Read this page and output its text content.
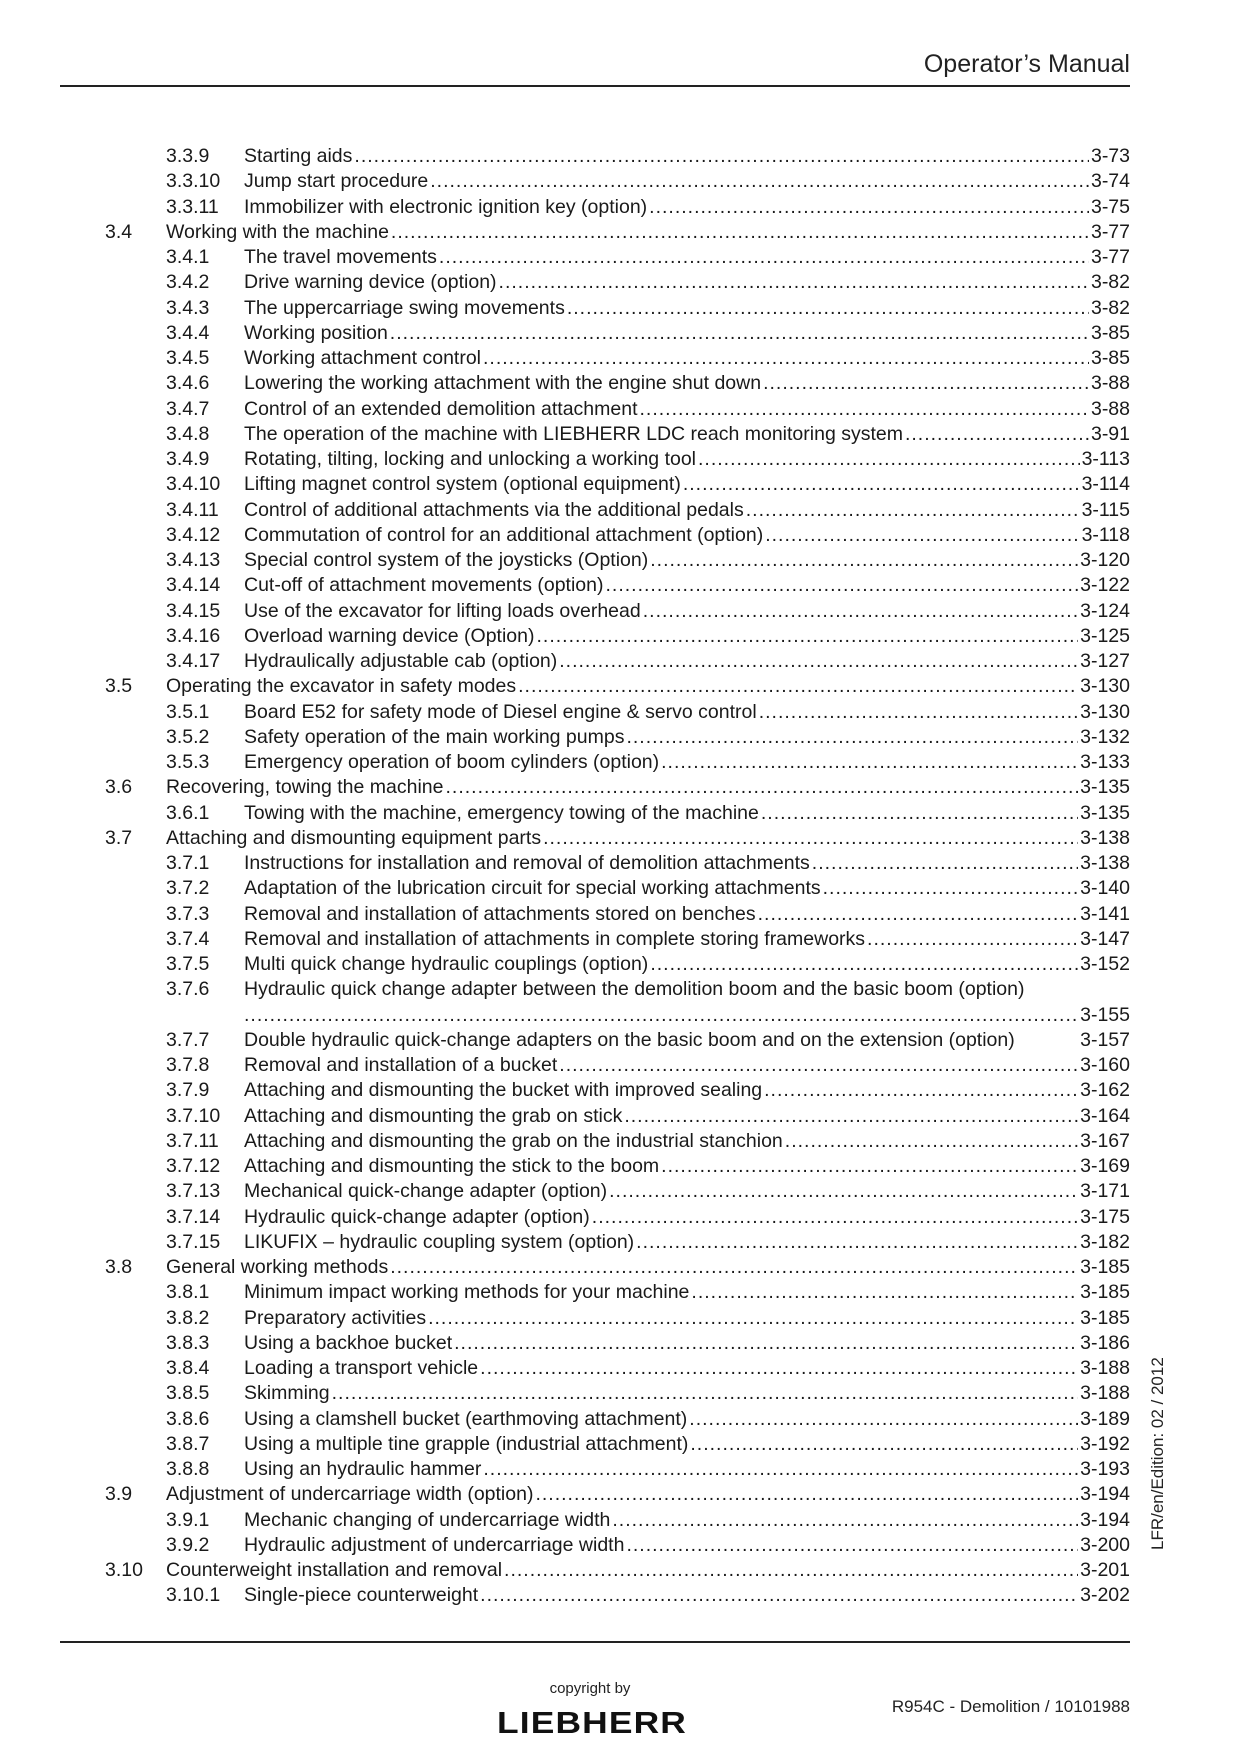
Operator’s Manual
3.3.9 Starting aids .....	3-73
3.3.10 Jump start procedure .....	3-74
3.3.11 Immobilizer with electronic ignition key (option) .....	3-75
3.4 Working with the machine .....	3-77
3.4.1 The travel movements .....	3-77
3.4.2 Drive warning device (option) .....	3-82
3.4.3 The uppercarriage swing movements .....	3-82
3.4.4 Working position .....	3-85
3.4.5 Working attachment control .....	3-85
3.4.6 Lowering the working attachment with the engine shut down .....	3-88
3.4.7 Control of an extended demolition attachment .....	3-88
3.4.8 The operation of the machine with LIEBHERR LDC reach monitoring system .....	3-91
3.4.9 Rotating, tilting, locking and unlocking a working tool .....	3-113
3.4.10 Lifting magnet control system (optional equipment) .....	3-114
3.4.11 Control of additional attachments via the additional pedals .....	3-115
3.4.12 Commutation of control for an additional attachment (option) .....	3-118
3.4.13 Special control system of the joysticks (Option) .....	3-120
3.4.14 Cut-off of attachment movements (option) .....	3-122
3.4.15 Use of the excavator for lifting loads overhead .....	3-124
3.4.16 Overload warning device (Option) .....	3-125
3.4.17 Hydraulically adjustable cab (option) .....	3-127
3.5 Operating the excavator in safety modes .....	3-130
3.5.1 Board E52 for safety mode of Diesel engine & servo control .....	3-130
3.5.2 Safety operation of the main working pumps .....	3-132
3.5.3 Emergency operation of boom cylinders (option) .....	3-133
3.6 Recovering, towing the machine .....	3-135
3.6.1 Towing with the machine, emergency towing of the machine .....	3-135
3.7 Attaching and dismounting equipment parts .....	3-138
3.7.1 Instructions for installation and removal of demolition attachments .....	3-138
3.7.2 Adaptation of the lubrication circuit for special working attachments .....	3-140
3.7.3 Removal and installation of attachments stored on benches .....	3-141
3.7.4 Removal and installation of attachments in complete storing frameworks .....	3-147
3.7.5 Multi quick change hydraulic couplings (option) .....	3-152
3.7.6 Hydraulic quick change adapter between the demolition boom and the basic boom (option)
.....
3-155
3.7.7 Double hydraulic quick-change adapters on the basic boom and on the extension (option)	3-157
3.7.8 Removal and installation of a bucket .....	3-160
3.7.9 Attaching and dismounting the bucket with improved sealing .....	3-162
3.7.10 Attaching and dismounting the grab on stick .....	3-164
3.7.11 Attaching and dismounting the grab on the industrial stanchion .....	3-167
3.7.12 Attaching and dismounting the stick to the boom .....	3-169
3.7.13 Mechanical quick-change adapter (option) .....	3-171
3.7.14 Hydraulic quick-change adapter (option) .....	3-175
3.7.15 LIKUFIX – hydraulic coupling system (option) .....	3-182
3.8 General working methods .....	3-185
3.8.1 Minimum impact working methods for your machine .....	3-185
3.8.2 Preparatory activities .....	3-185
3.8.3 Using a backhoe bucket .....	3-186
3.8.4 Loading a transport vehicle .....	3-188
3.8.5 Skimming .....	3-188
3.8.6 Using a clamshell bucket (earthmoving attachment) .....	3-189
3.8.7 Using a multiple tine grapple (industrial attachment) .....	3-192
3.8.8 Using an hydraulic hammer .....	3-193
3.9 Adjustment of undercarriage width (option) .....	3-194
3.9.1 Mechanic changing of undercarriage width .....	3-194
3.9.2 Hydraulic adjustment of undercarriage width .....	3-200
3.10 Counterweight installation and removal .....	3-201
3.10.1 Single-piece counterweight .....	3-202
LFR/en/Edition: 02 / 2012
copyright by
LIEBHERR	R954C - Demolition / 10101988
